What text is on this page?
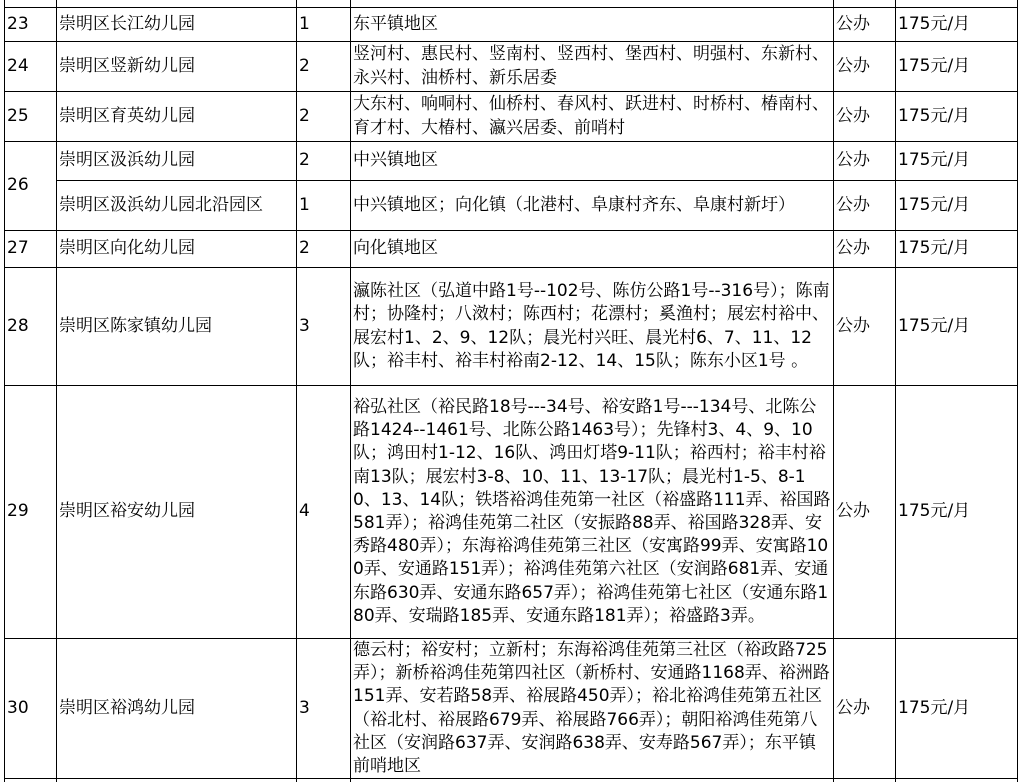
23	崇明区长江幼儿园	1	东平镇地区	公办	175元/月
24	崇明区竖新幼儿园	2	竖河村、惠民村、竖南村、竖西村、堡西村、明强村、东新村、永兴村、油桥村、新乐居委	公办	175元/月
25	崇明区育英幼儿园	2	大东村、响哃村、仙桥村、春风村、跃进村、时桥村、椿南村、育才村、大椿村、瀛兴居委、前哨村	公办	175元/月
26	崇明区汲浜幼儿园	2	中兴镇地区	公办	175元/月
	崇明区汲浜幼儿园北沿园区	1	中兴镇地区；向化镇（北港村、阜康村齐东、阜康村新圩）	公办	175元/月
27	崇明区向化幼儿园	2	向化镇地区	公办	175元/月
28	崇明区陈家镇幼儿园	3	瀛陈社区（弘道中路1号--102号、陈仿公路1号--316号）；陈南村；协隆村；八滧村；陈西村；花漂村；奚渔村；展宏村裕中、展宏村1、2、9、12队；晨光村兴旺、晨光村6、7、11、12 队；裕丰村、裕丰村裕南2-12、14、15队；陈东小区1号 。	公办	175元/月
29	崇明区裕安幼儿园	4	裕弘社区（裕民路18号---34号、裕安路1号---134号、北陈公路1424--1461号、北陈公路1463号）；先锋村3、4、9、10队；鸿田村1-12、16队、鸿田灯塔9-11队；裕西村；裕丰村裕南13队；展宏村3-8、10、11、13-17队；晨光村1-5、8-10、13、14队；铁塔裕鸿佳苑第一社区（裕盛路111弄、裕国路581弄）；裕鸿佳苑第二社区（安振路88弄、裕国路328弄、安秀路480弄）；东海裕鸿佳苑第三社区（安寓路99弄、安寓路100弄、安通路151弄）；裕鸿佳苑第六社区（安润路681弄、安通东路630弄、安通东路657弄）；裕鸿佳苑第七社区（安通东路180弄、安瑞路185弄、安通东路181弄）；裕盛路3弄。	公办	175元/月
30	崇明区裕鸿幼儿园	3	德云村；裕安村；立新村；东海裕鸿佳苑第三社区（裕政路725弄）；新桥裕鸿佳苑第四社区（新桥村、安通路1168弄、裕洲路151弄、安若路58弄、裕展路450弄）；裕北裕鸿佳苑第五社区（裕北村、裕展路679弄、裕展路766弄）；朝阳裕鸿佳苑第八社区（安润路637弄、安润路638弄、安寿路567弄）；东平镇前哨地区	公办	175元/月
